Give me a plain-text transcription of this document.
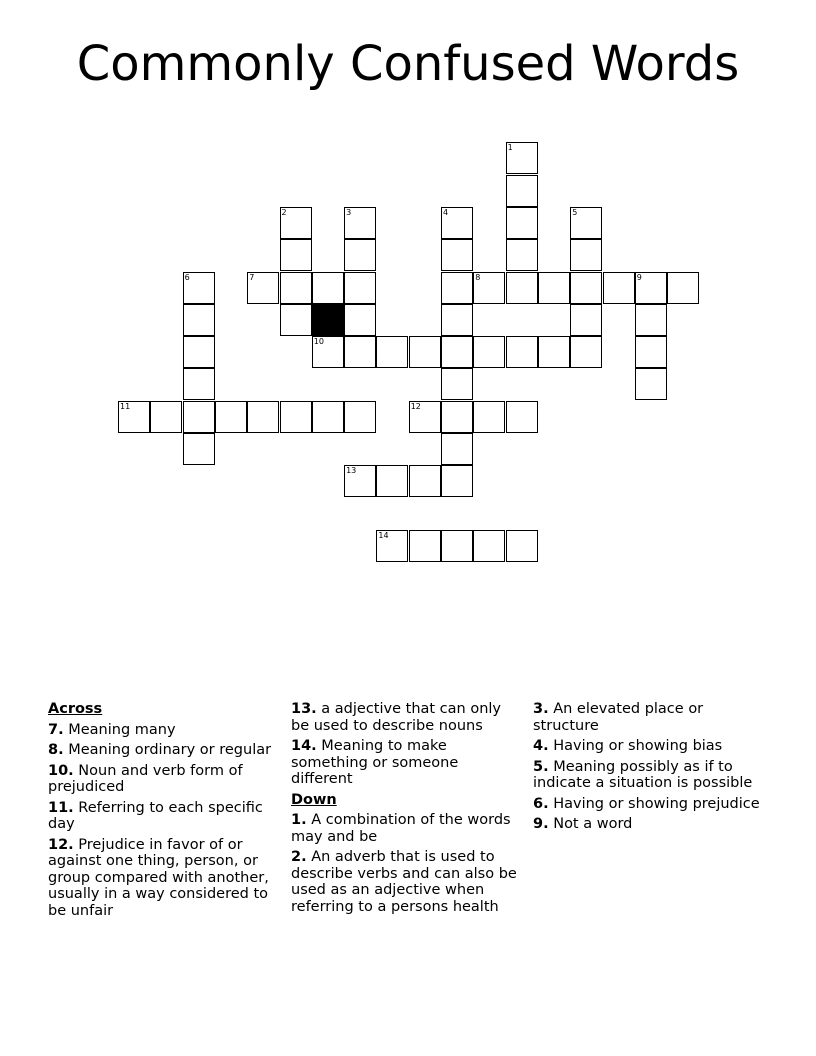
Commonly Confused Words
1
2	3	4	5
6	7	8	9
10
11	12
13
14
Across
7. Meaning many
8. Meaning ordinary or regular
10. Noun and verb form of prejudiced
11. Referring to each specific day
12. Prejudice in favor of or against one thing, person, or group compared with another, usually in a way considered to be unfair
13. a adjective that can only be used to describe nouns
14. Meaning to make something or someone different
Down
1. A combination of the words may and be
2. An adverb that is used to describe verbs and can also be used as an adjective when referring to a persons health
3. An elevated place or structure
4. Having or showing bias
5. Meaning possibly as if to indicate a situation is possible
6. Having or showing prejudice
9. Not a word
